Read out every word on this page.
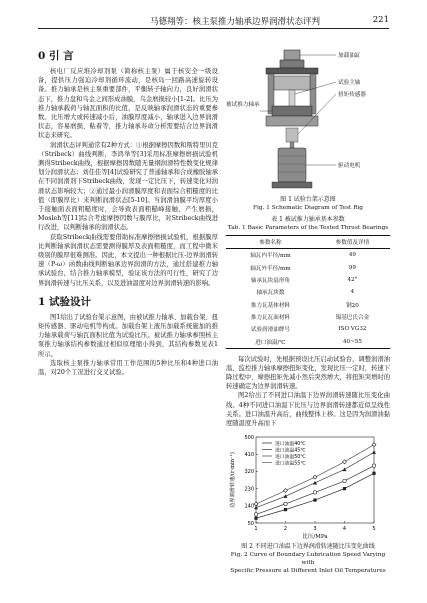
马德翔等：核主泵推力轴承边界润滑状态评判	221
0 引 言

核电厂反应堆冷却剂泵（简称核主泵）属于核安全一级设备，提供压力强迫冷却剂循环流动，是核岛一回路高速旋转设备。推力轴承是核主泵重要部件，平衡转子轴向力，良好润滑状态下，推力盘和乌金之间形成油膜，乌金磨损较小[1-2]。比压为推力轴承载荷与轴瓦面积的比值，是反映轴承润滑状态的重要参数。比压增大或转速减小后，油膜厚度减小，轴承进入边界润滑状态，容易磨损、粘着等，推力轴承寿命分析需要结合边界润滑状态来研究。

润滑状态评判通常有2种方式：①根据摩擦因数和斯特里贝克（Stribeck）曲线判断，李鸿举等[3]采用标准摩擦磨损试验机测得Stribeck曲线，根据摩擦因数随无量纲润滑特性数变化规律划分润滑状态；刘佳佳等[4]试验研究了普通轴承和合成橡胶轴承在不同润滑剂下Stribeck曲线，发现一定比压下，转速变化对润滑状态影响较大；②通过最小润滑膜厚度和表面综合粗糙度的比值（即膜厚比）来判断润滑状态[5-10]。当润滑油膜平均厚度小于接触面表面粗糙度时，会导致表面粗糙峰接触，产生磨损，Mosleh等[11]综合考虑摩擦因数与膜厚比，对Stribeck曲线进行改进，以判断轴承的润滑状态。

获取Stribeck曲线需要借助标准摩擦磨损试验机，根据膜厚比判断轴承润滑状态需要测得膜厚及表面粗糙度，而工程中微米级别的膜厚很难测准。因此，本文提出一种根据比压-边界润滑转速（P-ω）函数曲线判断轴承边界润滑的方法，通过搭建推力轴承试验台，结合推力轴承模型，验证该方法的可行性，研究了边界润滑转速与比压关系，以及进油温度对边界润滑转速的影响。

1 试验设计

图1给出了试验台架示意图，由被试推力轴承、加载台架、扭矩传感器、驱动电机等构成。加载台架上液压加载系统施加的推力轴承载荷与轴瓦面积比值为试验比压。被试推力轴承参照核主泵推力轴承结构参数通过相似原理缩小得到，其结构参数见表1所示。

选取核主泵推力轴承常用工作范围的5种比压和4种进口油温，对20个工况进行交叉试验。

加载油缸
试验主轴
扭矩传感器
被试推力轴承
驱动电机
图 1 试验台架示意图
Fig. 1 Schematic Diagram of Test Rig
表 1 被试推力轴承基本参数
Tab. 1 Basic Parameters of the Tested Thrust Bearings
参数名称	参数值及详情
轴瓦内半径/mm	49
轴瓦外半径/mm	99
轴承瓦块扇形角	42°
轴承瓦块数	4
推力瓦基体材料	钢20
推力瓦瓦面材料	锡基巴氏合金
试验润滑油牌号	ISO VG32
进口油温/℃	40~55

每次试验时，先根据预设比压启动试验台，调整润滑油温、监控推力轴承摩擦扭矩变化，发现比压一定时，转速下降过程中，摩擦扭矩先减小然后突然增大，将扭矩突增时的转速确定为边界润滑转速。

图2给出了不同进口油温下边界润滑转速随比压变化曲线。4种不同进口油温下比压与边界润滑转速都近似呈线性关系。进口油温升高后，曲线整体上移。这是因为润滑油黏度随温度升高而下

50
140
230
320
410
500
1	2	3	4	5
比压/MPa
边界润滑转速/(r·min⁻¹)
进口油温40℃
进口油温45℃
进口油温50℃
进口油温55℃
图 2 不同进口油温下边界润滑转速随比压变化曲线
Fig. 2 Curve of Boundary Lubrication Speed Varying with
Specific Pressure at Different Inlet Oil Temperatures
